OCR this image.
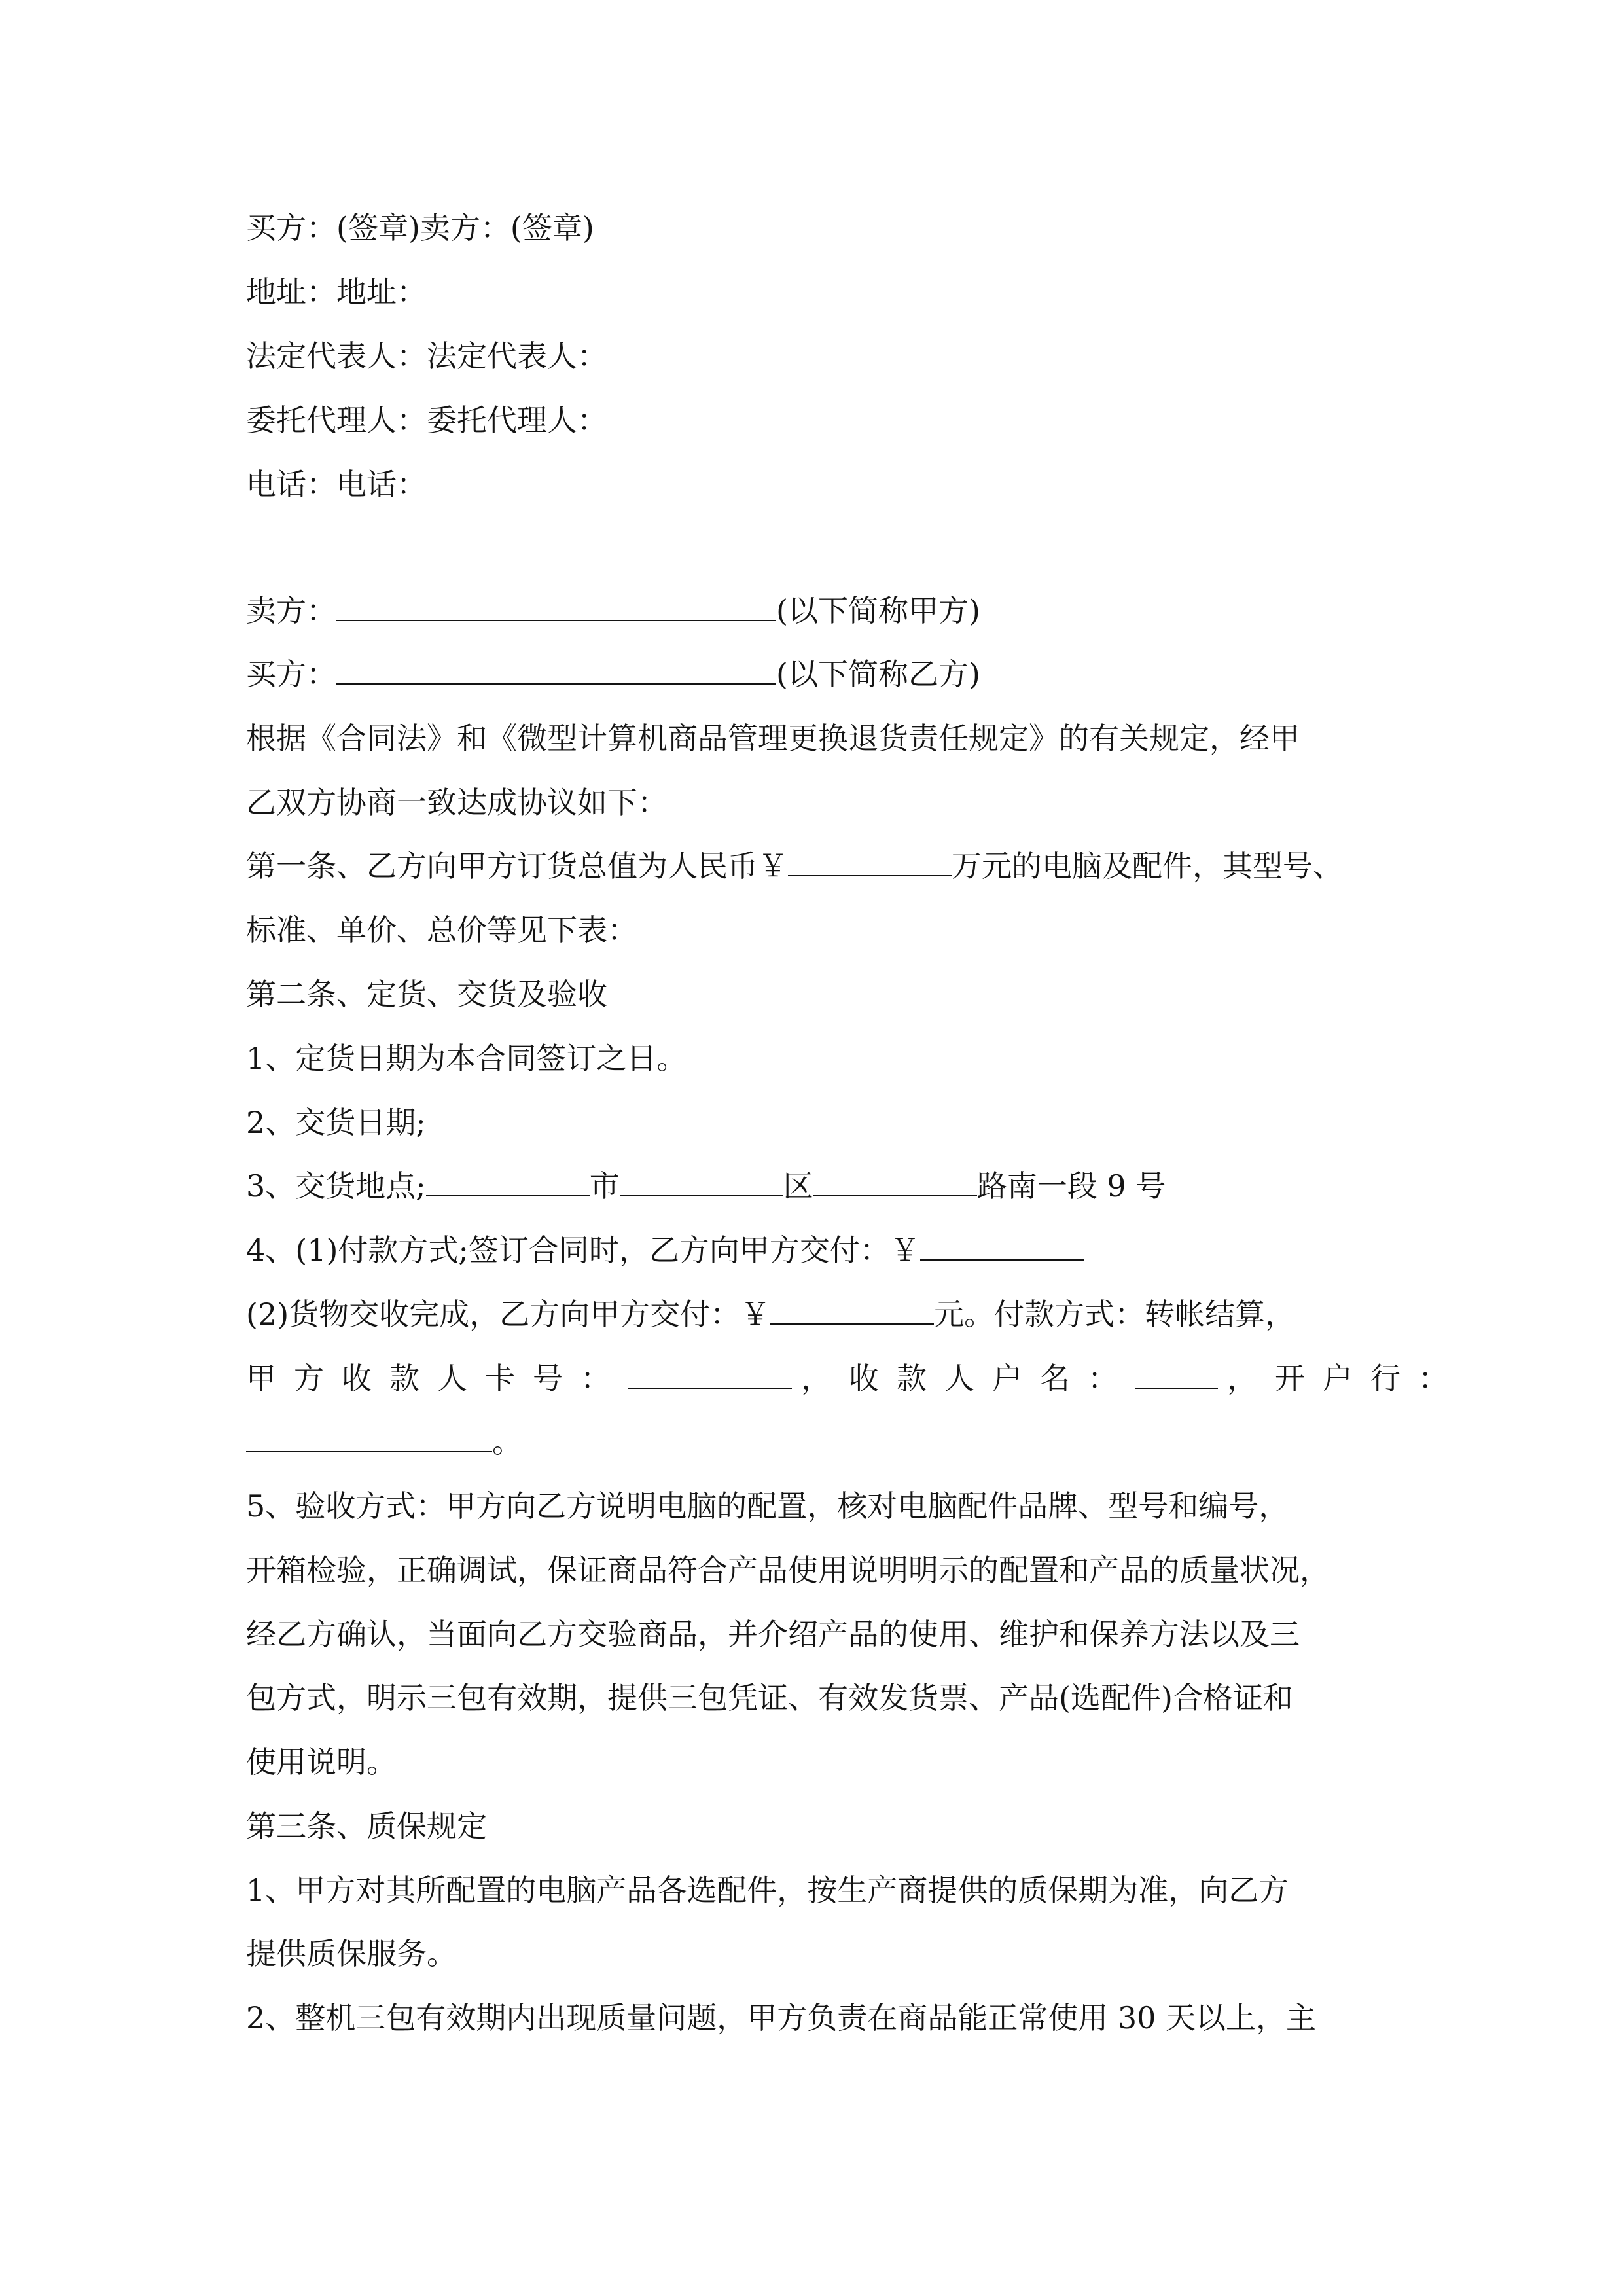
买方：(签章)卖方：(签章)
地址：地址：
法定代表人：法定代表人：
委托代理人：委托代理人：
电话：电话：
卖方：	(以下简称甲方)
买方：	(以下简称乙方)
根据《合同法》和《微型计算机商品管理更换退货责任规定》的有关规定，经甲
乙双方协商一致达成协议如下：
第一条、乙方向甲方订货总值为人民币￥	万元的电脑及配件，其型号、
标准、单价、总价等见下表：
第二条、定货、交货及验收
1、定货日期为本合同签订之日。
2、交货日期;
3、交货地点;	市	区	路南一段 9 号
4、(1)付款方式;签订合同时，乙方向甲方交付：￥
(2)货物交收完成，乙方向甲方交付：￥	元。付款方式：转帐结算，
甲方收款人卡号：	，收款人户名：	，开户行：
。
5、验收方式：甲方向乙方说明电脑的配置，核对电脑配件品牌、型号和编号，
开箱检验，正确调试，保证商品符合产品使用说明明示的配置和产品的质量状况，
经乙方确认，当面向乙方交验商品，并介绍产品的使用、维护和保养方法以及三
包方式，明示三包有效期，提供三包凭证、有效发货票、产品(选配件)合格证和
使用说明。
第三条、质保规定
1、甲方对其所配置的电脑产品各选配件，按生产商提供的质保期为准，向乙方
提供质保服务。
2、整机三包有效期内出现质量问题，甲方负责在商品能正常使用 30 天以上，主
